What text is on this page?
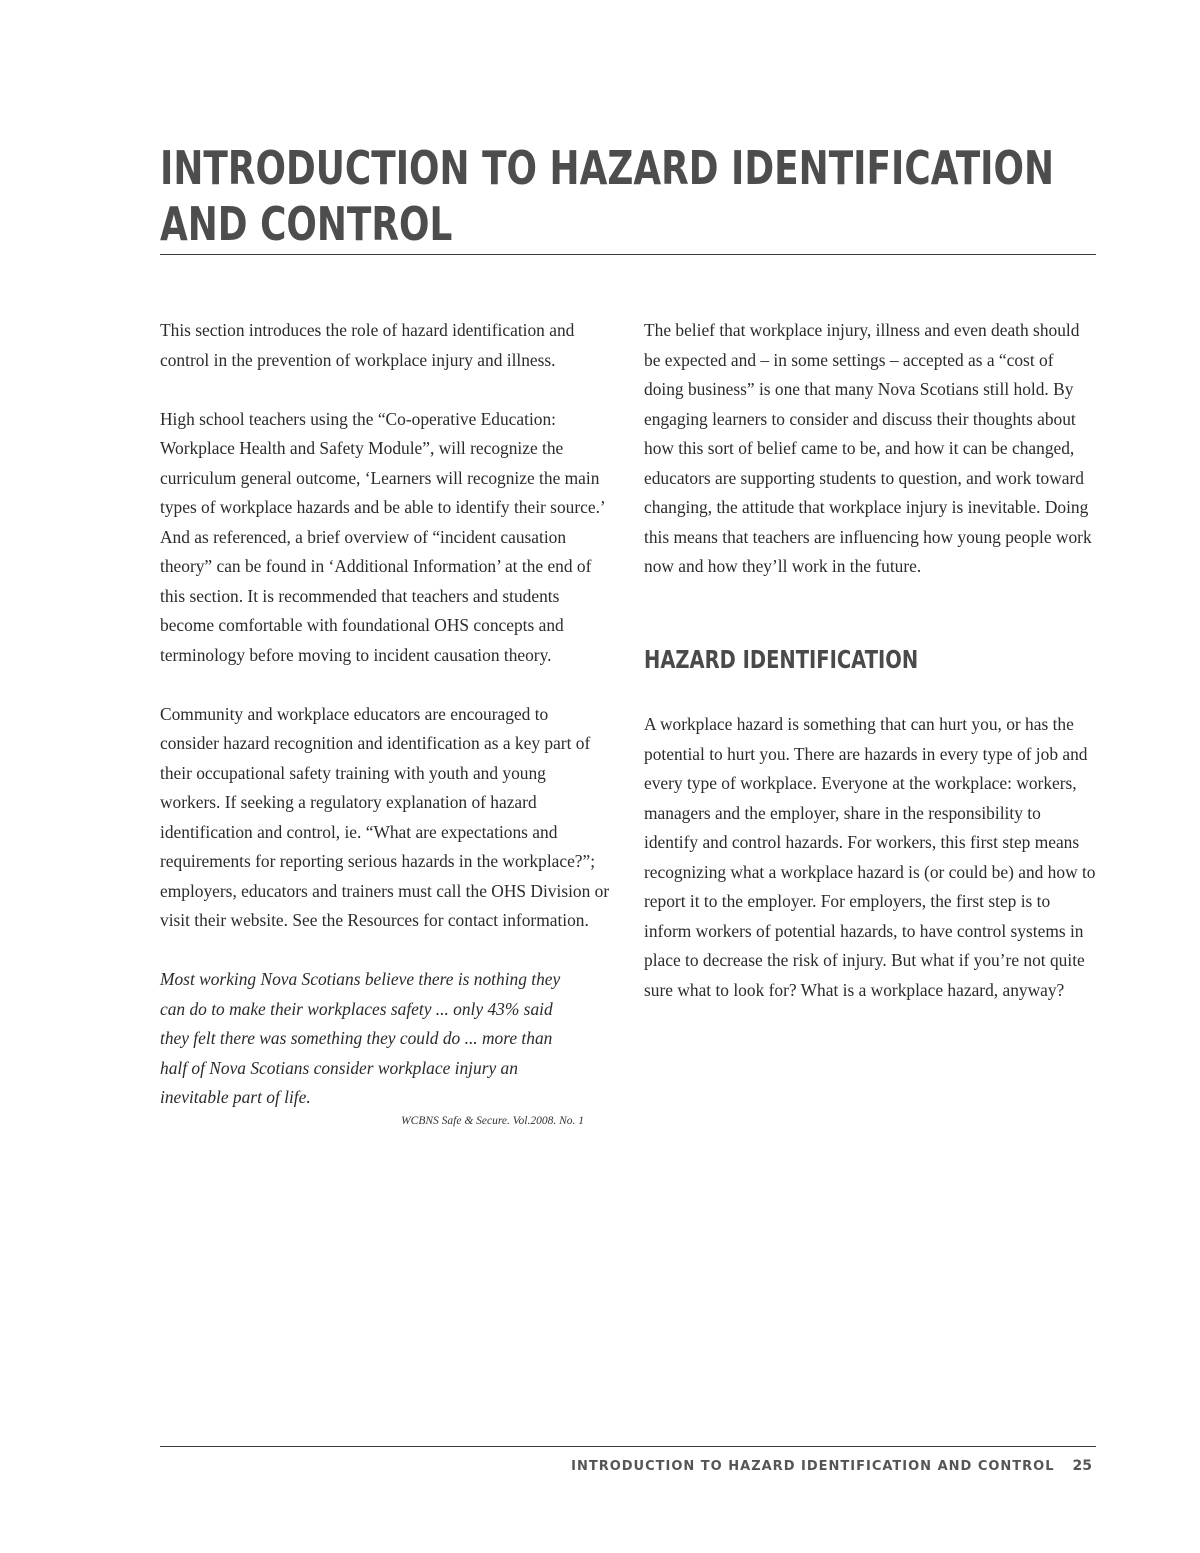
INTRODUCTION TO HAZARD IDENTIFICATION
AND CONTROL

This section introduces the role of hazard identification and control in the prevention of workplace injury and illness.

High school teachers using the “Co-operative Education: Workplace Health and Safety Module”, will recognize the curriculum general outcome, ‘Learners will recognize the main types of workplace hazards and be able to identify their source.’ And as referenced, a brief overview of “incident causation theory” can be found in ‘Additional Information’ at the end of this section. It is recommended that teachers and students become comfortable with foundational OHS concepts and terminology before moving to incident causation theory.

Community and workplace educators are encouraged to consider hazard recognition and identification as a key part of their occupational safety training with youth and young workers. If seeking a regulatory explanation of hazard identification and control, ie. “What are expectations and requirements for reporting serious hazards in the workplace?”; employers, educators and trainers must call the OHS Division or visit their website. See the Resources for contact information.

Most working Nova Scotians believe there is nothing they can do to make their workplaces safety ... only 43% said they felt there was something they could do ... more than half of Nova Scotians consider workplace injury an inevitable part of life.

WCBNS Safe & Secure. Vol.2008. No. 1

The belief that workplace injury, illness and even death should be expected and – in some settings – accepted as a “cost of doing business” is one that many Nova Scotians still hold. By engaging learners to consider and discuss their thoughts about how this sort of belief came to be, and how it can be changed, educators are supporting students to question, and work toward changing, the attitude that workplace injury is inevitable. Doing this means that teachers are influencing how young people work now and how they’ll work in the future.

HAZARD IDENTIFICATION

A workplace hazard is something that can hurt you, or has the potential to hurt you. There are hazards in every type of job and every type of workplace. Everyone at the workplace: workers, managers and the employer, share in the responsibility to identify and control hazards. For workers, this first step means recognizing what a workplace hazard is (or could be) and how to report it to the employer. For employers, the first step is to inform workers of potential hazards, to have control systems in place to decrease the risk of injury. But what if you’re not quite sure what to look for? What is a workplace hazard, anyway?

INTRODUCTION TO HAZARD IDENTIFICATION AND CONTROL 25
